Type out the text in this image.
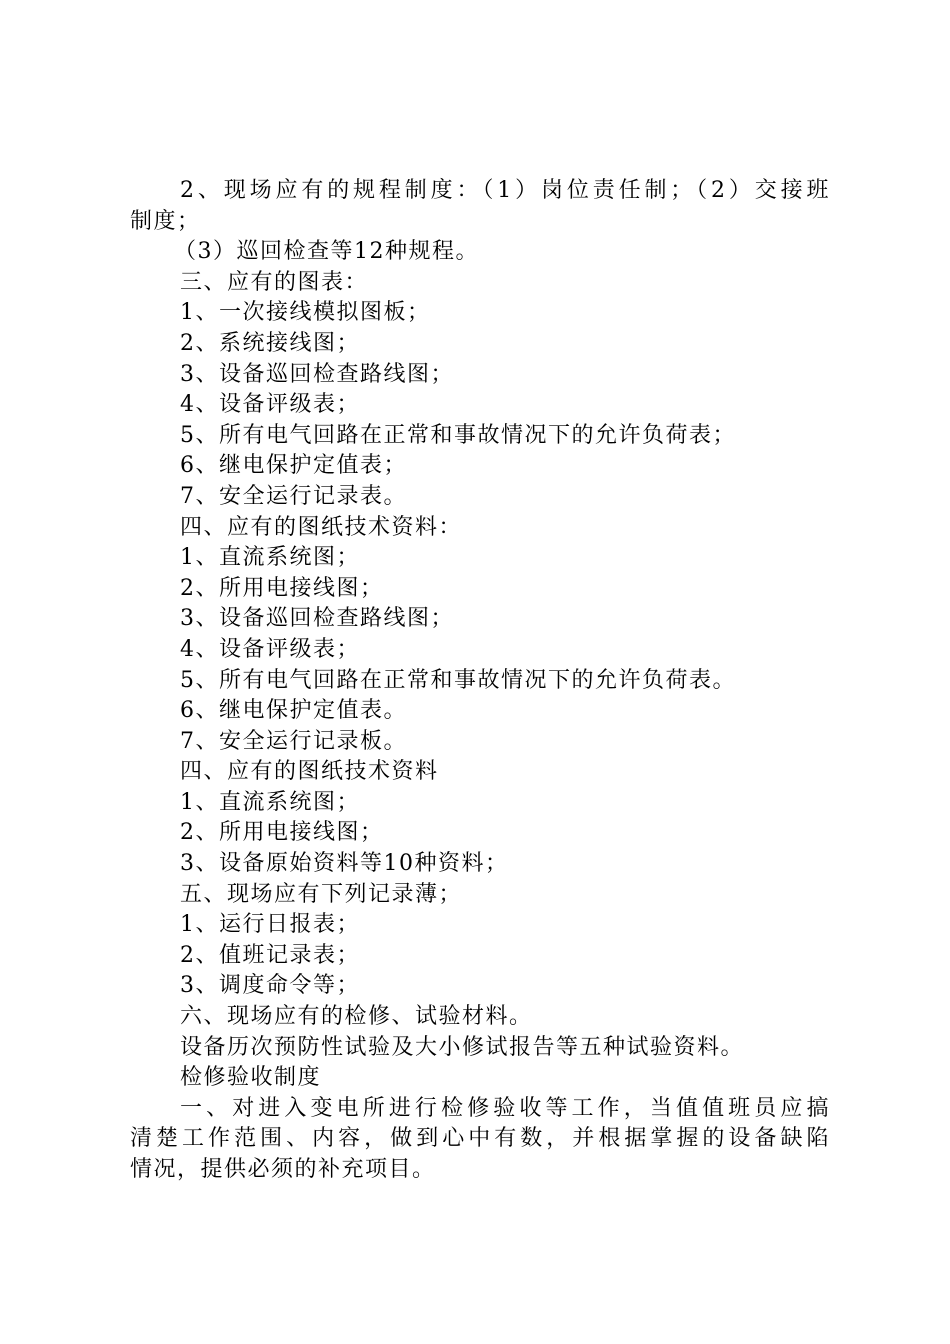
2、现场应有的规程制度：（1）岗位责任制；（2）交接班
制度；
（3）巡回检查等12种规程。
三、应有的图表：
1、一次接线模拟图板；
2、系统接线图；
3、设备巡回检查路线图；
4、设备评级表；
5、所有电气回路在正常和事故情况下的允许负荷表；
6、继电保护定值表；
7、安全运行记录表。
四、应有的图纸技术资料：
1、直流系统图；
2、所用电接线图；
3、设备巡回检查路线图；
4、设备评级表；
5、所有电气回路在正常和事故情况下的允许负荷表。
6、继电保护定值表。
7、安全运行记录板。
四、应有的图纸技术资料
1、直流系统图；
2、所用电接线图；
3、设备原始资料等10种资料；
五、现场应有下列记录薄；
1、运行日报表；
2、值班记录表；
3、调度命令等；
六、现场应有的检修、试验材料。
设备历次预防性试验及大小修试报告等五种试验资料。
检修验收制度
一、对进入变电所进行检修验收等工作，当值值班员应搞
清楚工作范围、内容，做到心中有数，并根据掌握的设备缺陷
情况，提供必须的补充项目。
